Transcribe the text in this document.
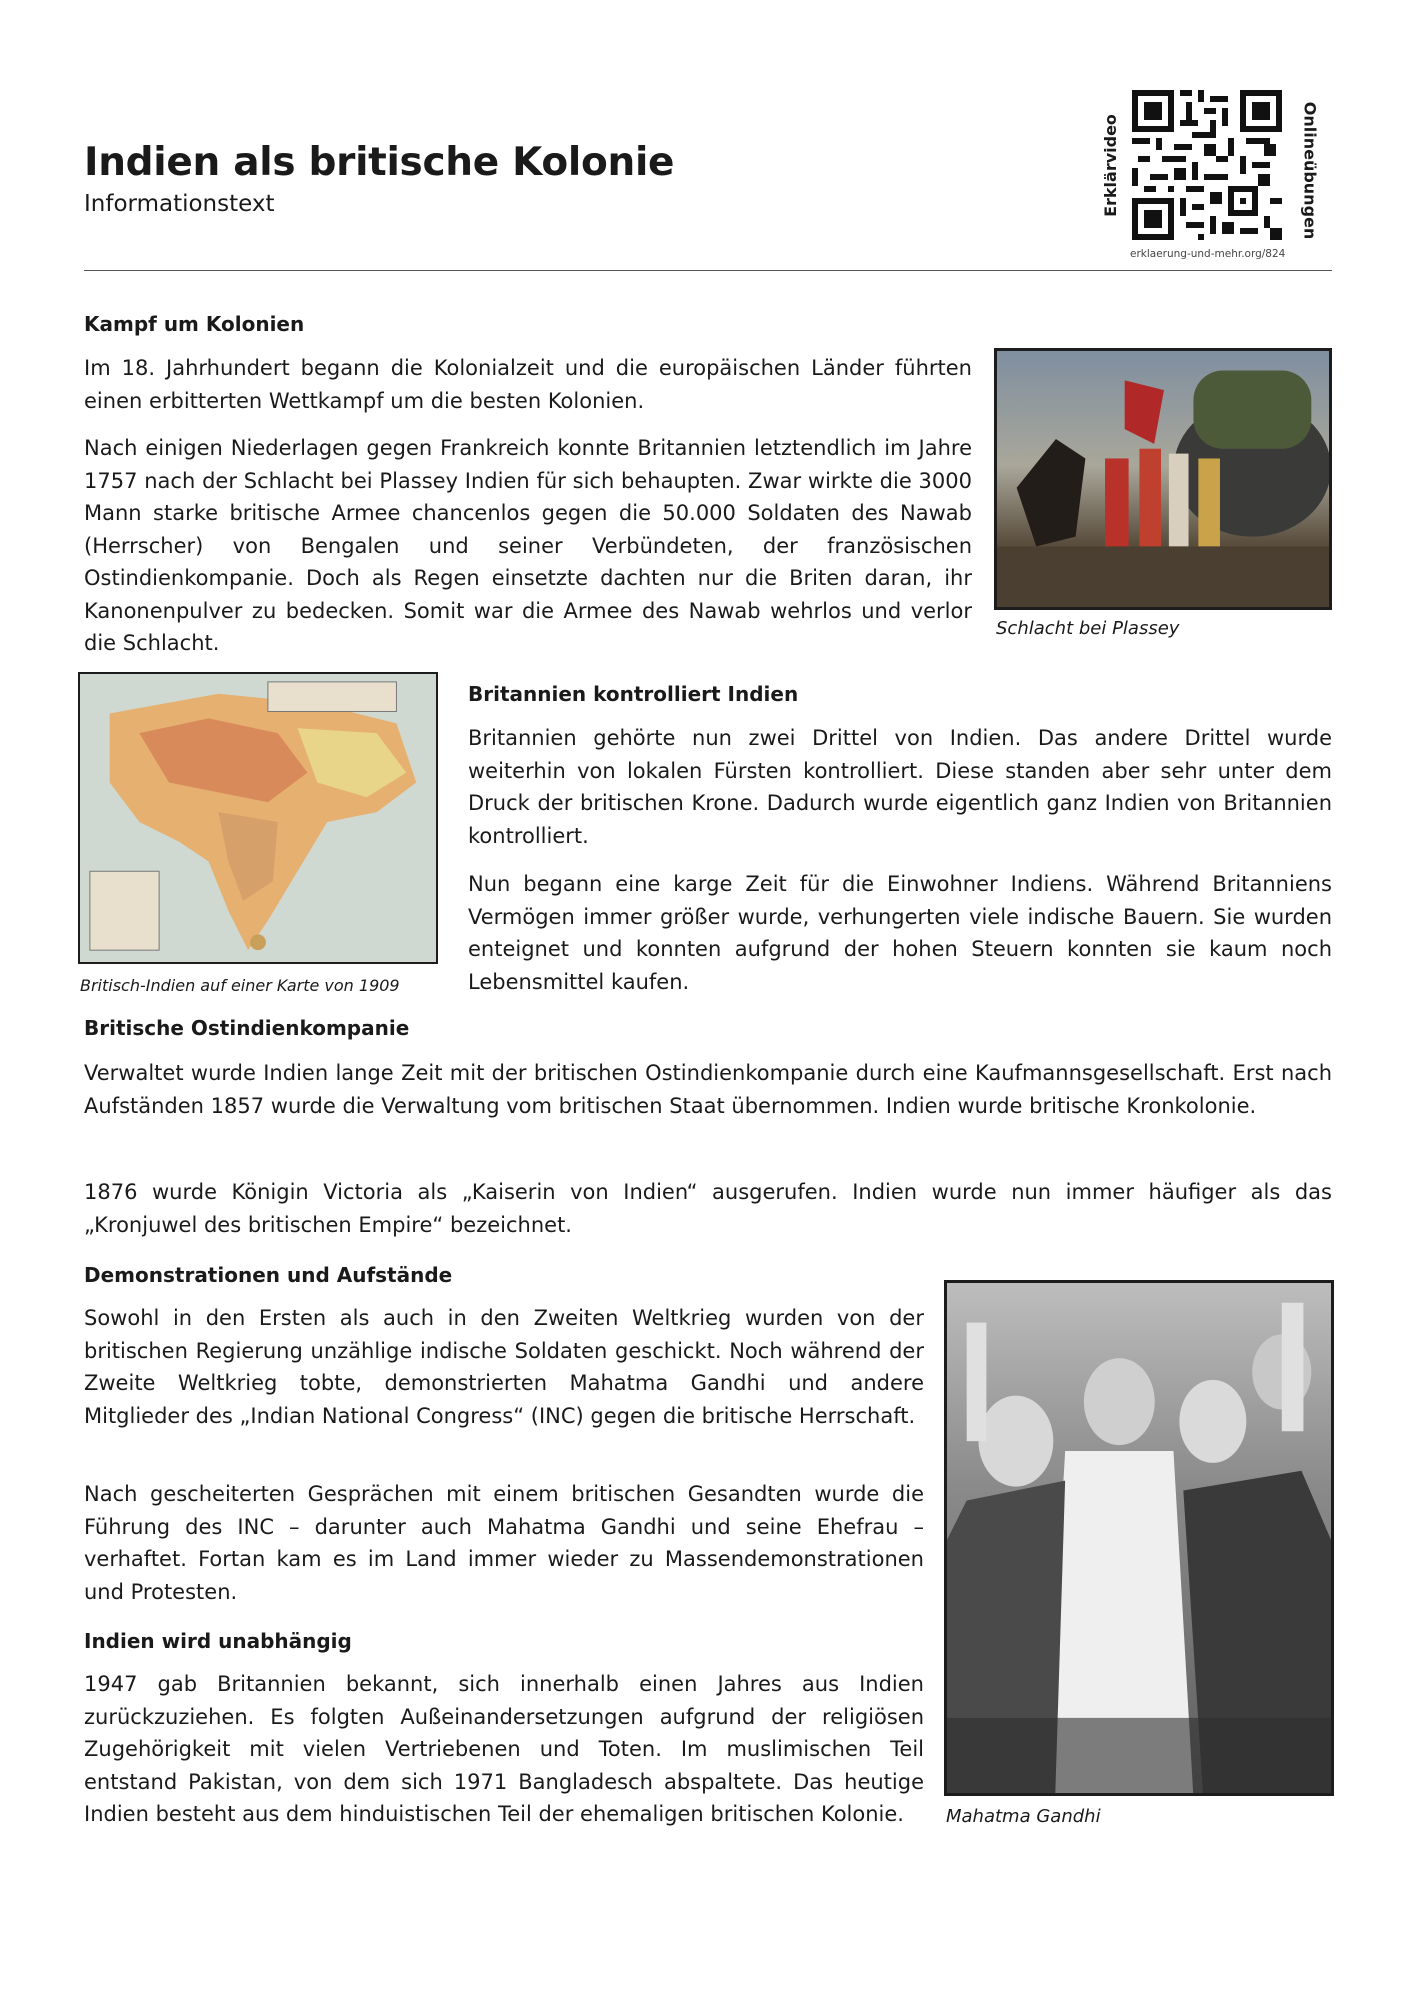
Indien als britische Kolonie
Informationstext	Erklärvideo	Onlineübungen
erklaerung-und-mehr.org/824
Kampf um Kolonien

Im 18. Jahrhundert begann die Kolonialzeit und die europäischen Länder führten einen erbitterten Wettkampf um die besten Kolonien.

Nach einigen Niederlagen gegen Frankreich konnte Britannien letztendlich im Jahre 1757 nach der Schlacht bei Plassey Indien für sich behaupten. Zwar wirkte die 3000 Mann starke britische Armee chancenlos gegen die 50.000 Soldaten des Nawab (Herrscher) von Bengalen und seiner Verbündeten, der französischen Ostindienkompanie. Doch als Regen einsetzte dachten nur die Briten daran, ihr Kanonenpulver zu bedecken. Somit war die Armee des Nawab wehrlos und verlor die Schlacht.

Schlacht bei Plassey
Britisch-Indien auf einer Karte von 1909
Britannien kontrolliert Indien

Britannien gehörte nun zwei Drittel von Indien. Das andere Drittel wurde weiterhin von lokalen Fürsten kontrolliert. Diese standen aber sehr unter dem Druck der britischen Krone. Dadurch wurde eigentlich ganz Indien von Britannien kontrolliert.

Nun begann eine karge Zeit für die Einwohner Indiens. Während Britanniens Vermögen immer größer wurde, verhungerten viele indische Bauern. Sie wurden enteignet und konnten aufgrund der hohen Steuern konnten sie kaum noch Lebensmittel kaufen.

Britische Ostindienkompanie

Verwaltet wurde Indien lange Zeit mit der britischen Ostindienkompanie durch eine Kaufmannsgesellschaft. Erst nach Aufständen 1857 wurde die Verwaltung vom britischen Staat übernommen. Indien wurde britische Kronkolonie.

1876 wurde Königin Victoria als „Kaiserin von Indien“ ausgerufen. Indien wurde nun immer häufiger als das „Kronjuwel des britischen Empire“ bezeichnet.

Demonstrationen und Aufstände

Sowohl in den Ersten als auch in den Zweiten Weltkrieg wurden von der britischen Regierung unzählige indische Soldaten geschickt. Noch während der Zweite Weltkrieg tobte, demonstrierten Mahatma Gandhi und andere Mitglieder des „Indian National Congress“ (INC) gegen die britische Herrschaft.

Nach gescheiterten Gesprächen mit einem britischen Gesandten wurde die Führung des INC – darunter auch Mahatma Gandhi und seine Ehefrau – verhaftet. Fortan kam es im Land immer wieder zu Massendemonstrationen und Protesten.

Mahatma Gandhi
Indien wird unabhängig

1947 gab Britannien bekannt, sich innerhalb einen Jahres aus Indien zurückzuziehen. Es folgten Außeinandersetzungen aufgrund der religiösen Zugehörigkeit mit vielen Vertriebenen und Toten. Im muslimischen Teil entstand Pakistan, von dem sich 1971 Bangladesch abspaltete. Das heutige Indien besteht aus dem hinduistischen Teil der ehemaligen britischen Kolonie.
